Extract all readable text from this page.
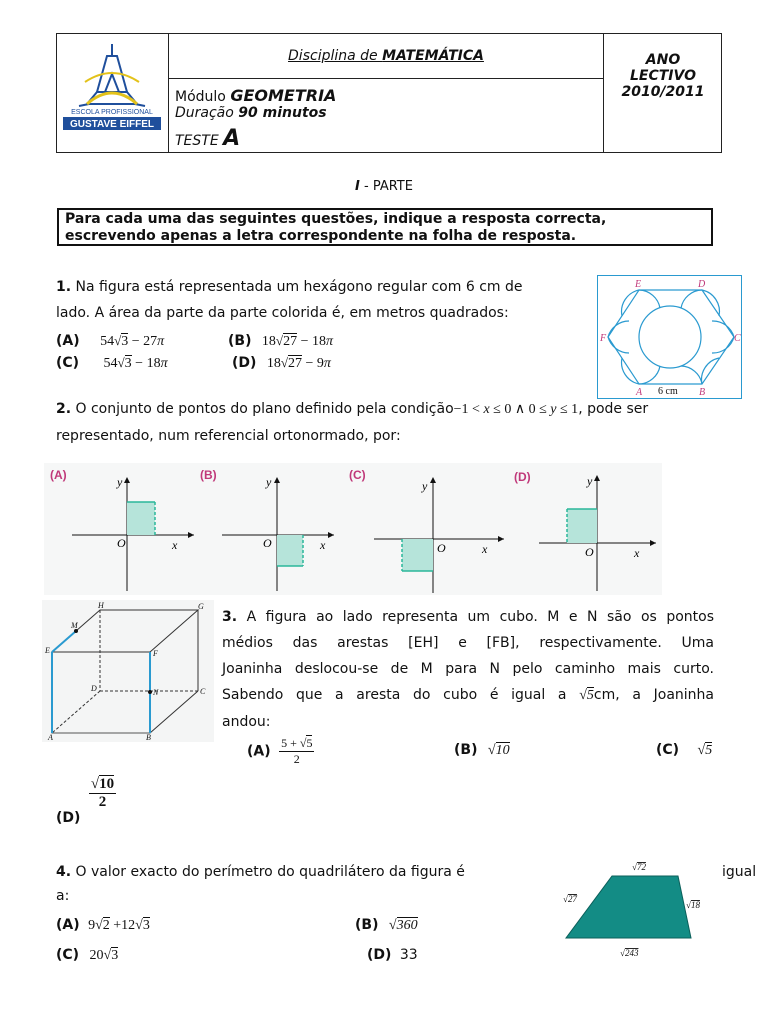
ESCOLA PROFISSIONAL
GUSTAVE EIFFEL
Disciplina de MATEMÁTICA
Módulo GEOMETRIA
Duração 90 minutos
TESTE A
ANO
LECTIVO
2010/2011
I - PARTE
Para cada uma das seguintes questões, indique a resposta correcta,
escrevendo apenas a letra correspondente na folha de resposta.
1. Na figura está representada um hexágono regular com 6 cm de
lado. A área da parte da parte colorida é, em metros quadrados:
(A) 54√3 − 27π	(B) 18√27 − 18π
(C) 54√3 − 18π	(D) 18√27 − 9π
E	D
F	C
A	B
6 cm
2. O conjunto de pontos do plano definido pela condição−1 < x ≤ 0 ∧ 0 ≤ y ≤ 1, pode ser
representado, num referencial ortonormado, por:
(A)	y
x
O
(B)	y
x
O
(C)
y
x
O
(D)	y
x
O
H	G
M
E	F
D	C
N
A	B
3. A figura ao lado representa um cubo. M e N são os pontos
médios das arestas [EH] e [FB], respectivamente. Uma
Joaninha deslocou-se de M para N pelo caminho mais curto.
Sabendo que a aresta do cubo é igual a √5cm, a Joaninha
andou:
$(A) \frac{5 + √5}{2}$	(B) √10	(C) √5
(D)
$\frac{√10}{2}$
4. O valor exacto do perímetro do quadrilátero da figura é	igual
a:
(A) 9√2 +12√3	(B) √360
(C) 20√3	(D) 33
√72
√27
√18
√243
